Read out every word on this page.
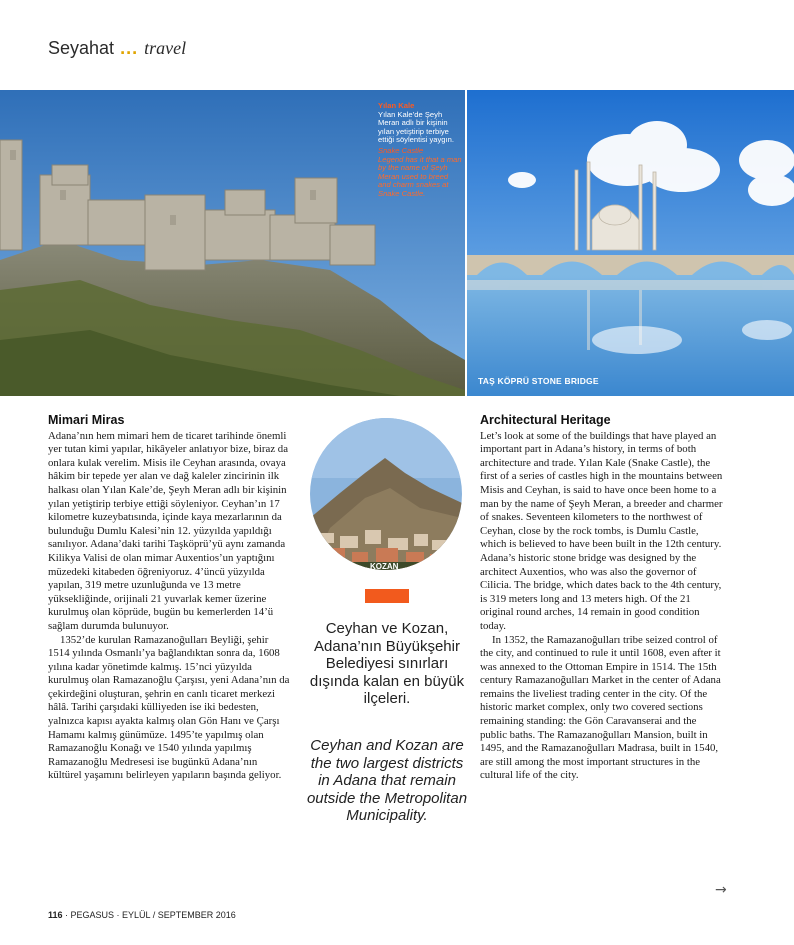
Seyahat ... travel
Yılan Kale
Yılan Kale’de Şeyh Meran adlı bir kişinin yılan yetiştirip terbiye ettiği söylentisi yaygın.
Snake Castle
Legend has it that a man by the name of Şeyh Meran used to breed and charm snakes at Snake Castle.
TAŞ KÖPRÜ STONE BRIDGE
Mimari Miras

Adana’nın hem mimari hem de ticaret tarihinde önemli yer tutan kimi yapılar, hikâyeler anlatıyor bize, biraz da onlara kulak verelim. Misis ile Ceyhan arasında, ovaya hâkim bir tepede yer alan ve dağ kaleler zincirinin ilk halkası olan Yılan Kale’de, Şeyh Meran adlı bir kişinin yılan yetiştirip terbiye ettiği söyleniyor. Ceyhan’ın 17 kilometre kuzeybatısında, içinde kaya mezarlarının da bulunduğu Dumlu Kalesi’nin 12. yüzyılda yapıldığı sanılıyor. Adana’daki tarihi Taşköprü’yü aynı zamanda Kilikya Valisi de olan mimar Auxentios’un yaptığını müzedeki kitabeden öğreniyoruz. 4’üncü yüzyılda yapılan, 319 metre uzunluğunda ve 13 metre yüksekliğinde, orijinali 21 yuvarlak kemer üzerine kurulmuş olan köprüde, bugün bu kemerlerden 14’ü sağlam durumda bulunuyor.

1352’de kurulan Ramazanoğulları Beyliği, şehir 1514 yılında Osmanlı’ya bağlandıktan sonra da, 1608 yılına kadar yönetimde kalmış. 15’nci yüzyılda kurulmuş olan Ramazanoğlu Çarşısı, yeni Adana’nın da çekirdeğini oluşturan, şehrin en canlı ticaret merkezi hâlâ. Tarihi çarşıdaki külliyeden ise iki bedesten, yalnızca kapısı ayakta kalmış olan Gön Hanı ve Çarşı Hamamı kalmış günümüze. 1495’te yapılmış olan Ramazanoğlu Konağı ve 1540 yılında yapılmış Ramazanoğlu Medresesi ise bugünkü Adana’nın kültürel yaşamını belirleyen yapıların başında geliyor.

KOZAN
Ceyhan ve Kozan, Adana’nın Büyükşehir Belediyesi sınırları dışında kalan en büyük ilçeleri.
Ceyhan and Kozan are the two largest districts in Adana that remain outside the Metropolitan Municipality.
Architectural Heritage

Let’s look at some of the buildings that have played an important part in Adana’s history, in terms of both architecture and trade. Yılan Kale (Snake Castle), the first of a series of castles high in the mountains between Misis and Ceyhan, is said to have once been home to a man by the name of Şeyh Meran, a breeder and charmer of snakes. Seventeen kilometers to the northwest of Ceyhan, close by the rock tombs, is Dumlu Castle, which is believed to have been built in the 12th century. Adana’s historic stone bridge was designed by the architect Auxentios, who was also the governor of Cilicia. The bridge, which dates back to the 4th century, is 319 meters long and 13 meters high. Of the 21 original round arches, 14 remain in good condition today.

In 1352, the Ramazanoğulları tribe seized control of the city, and continued to rule it until 1608, even after it was annexed to the Ottoman Empire in 1514. The 15th century Ramazanoğulları Market in the center of Adana remains the liveliest trading center in the city. Of the historic market complex, only two covered sections remaining standing: the Gön Caravanserai and the public baths. The Ramazanoğulları Mansion, built in 1495, and the Ramazanoğulları Madrasa, built in 1540, are still among the most important structures in the cultural life of the city.

→
116 · PEGASUS · EYLÜL / SEPTEMBER 2016
